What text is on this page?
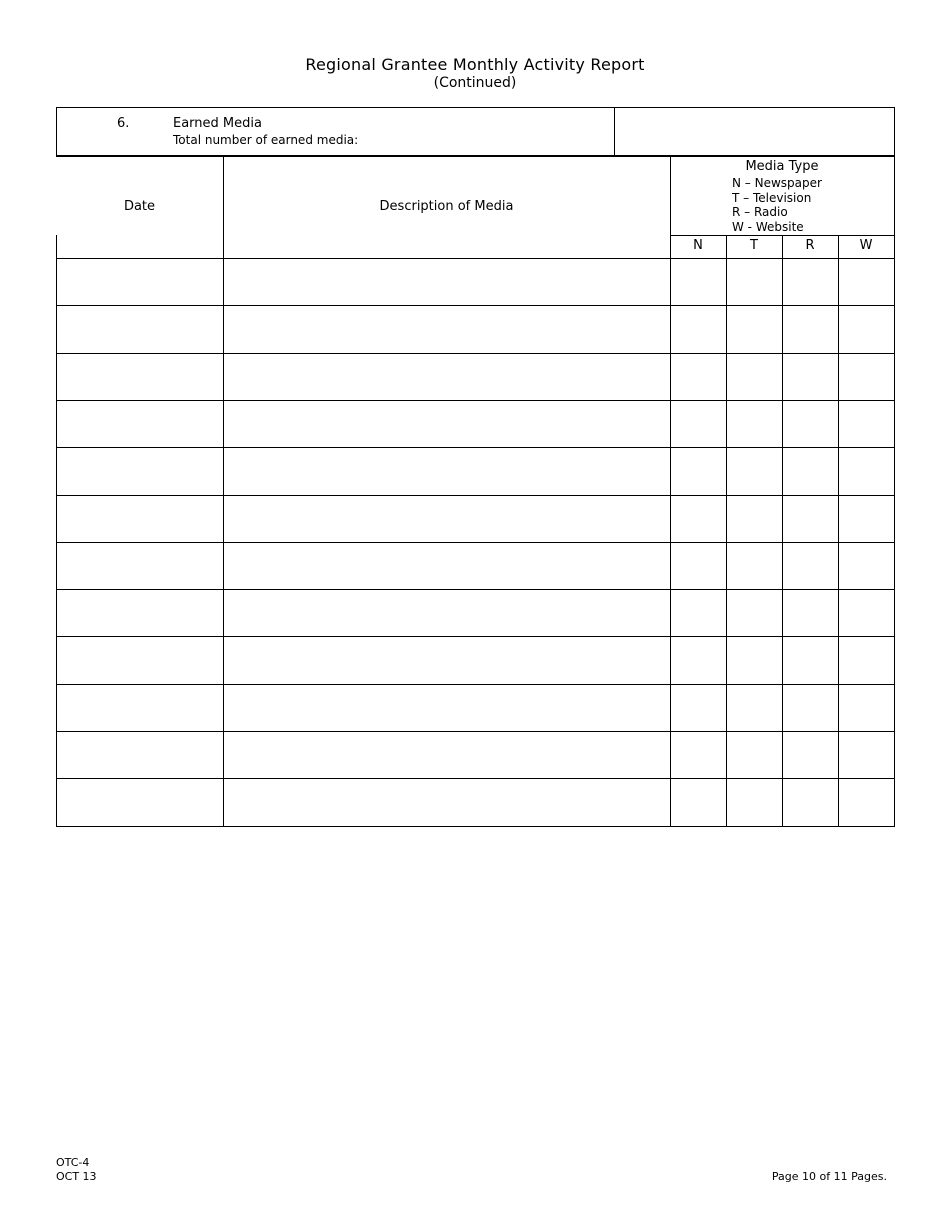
Regional Grantee Monthly Activity Report
(Continued)
6.	Earned Media
Total number of earned media:
Date	Description of Media
Media Type
N – Newspaper
T – Television
R – Radio
W - Website
N	T	R	W
OTC-4
OCT 13	Page 10 of 11 Pages.
